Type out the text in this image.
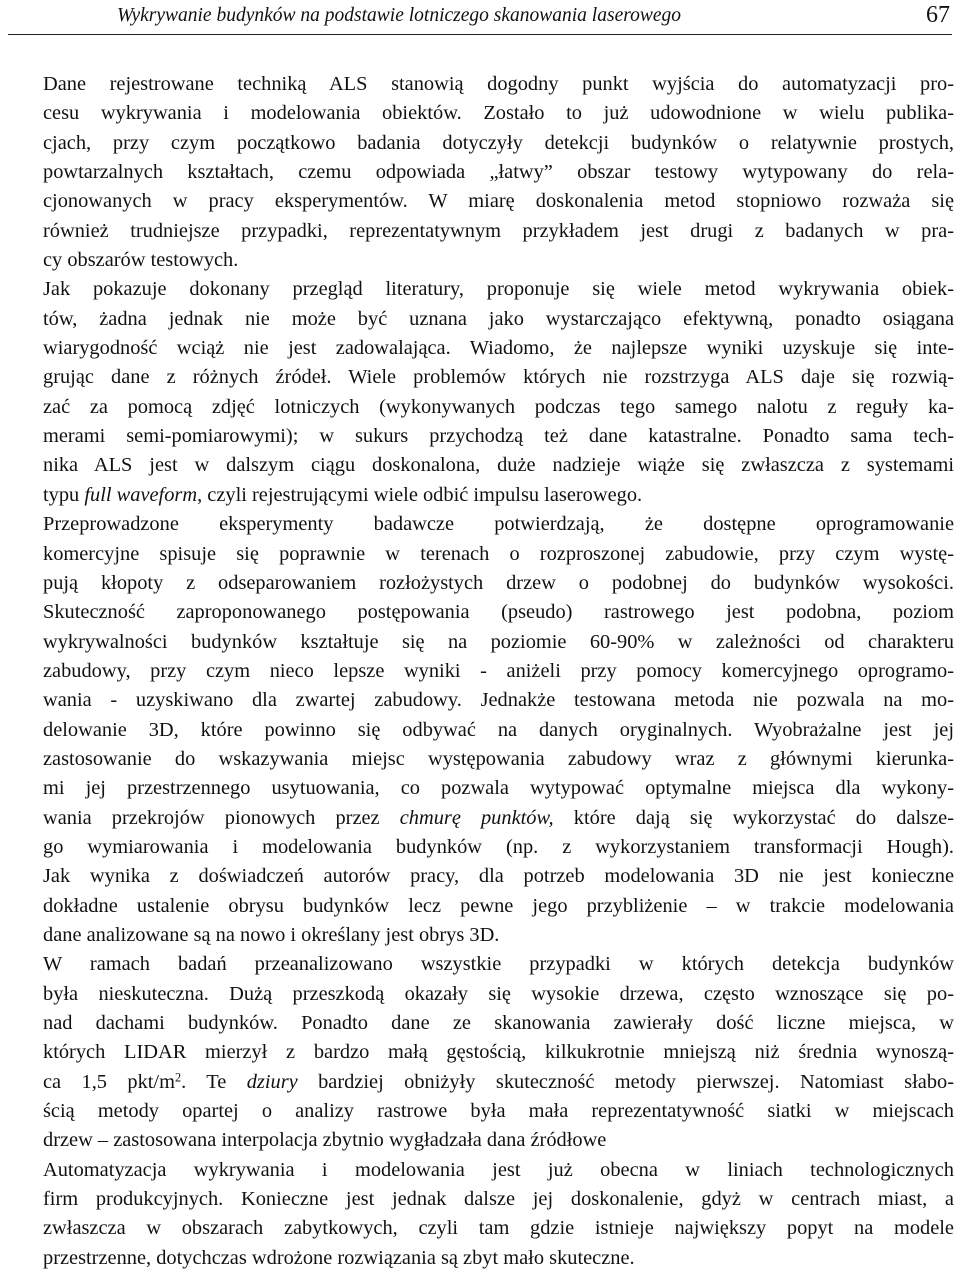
Wykrywanie budynków na podstawie lotniczego skanowania laserowego	67

Dane rejestrowane techniką ALS stanowią dogodny punkt wyjścia do automatyzacji pro-
cesu wykrywania i modelowania obiektów. Zostało to już udowodnione w wielu publika-
cjach, przy czym początkowo badania dotyczyły detekcji budynków o relatywnie prostych,
powtarzalnych kształtach, czemu odpowiada „łatwy” obszar testowy wytypowany do rela-
cjonowanych w pracy eksperymentów. W miarę doskonalenia metod stopniowo rozważa się
również trudniejsze przypadki, reprezentatywnym przykładem jest drugi z badanych w pra-
cy obszarów testowych.

Jak pokazuje dokonany przegląd literatury, proponuje się wiele metod wykrywania obiek-
tów, żadna jednak nie może być uznana jako wystarczająco efektywną, ponadto osiągana
wiarygodność wciąż nie jest zadowalająca. Wiadomo, że najlepsze wyniki uzyskuje się inte-
grując dane z różnych źródeł. Wiele problemów których nie rozstrzyga ALS daje się rozwią-
zać za pomocą zdjęć lotniczych (wykonywanych podczas tego samego nalotu z reguły ka-
merami semi-pomiarowymi); w sukurs przychodzą też dane katastralne. Ponadto sama tech-
nika ALS jest w dalszym ciągu doskonalona, duże nadzieje wiąże się zwłaszcza z systemami
typu full waveform, czyli rejestrującymi wiele odbić impulsu laserowego.

Przeprowadzone eksperymenty badawcze potwierdzają, że dostępne oprogramowanie
komercyjne spisuje się poprawnie w terenach o rozproszonej zabudowie, przy czym wystę-
pują kłopoty z odseparowaniem rozłożystych drzew o podobnej do budynków wysokości.
Skuteczność zaproponowanego postępowania (pseudo) rastrowego jest podobna, poziom
wykrywalności budynków kształtuje się na poziomie 60-90% w zależności od charakteru
zabudowy, przy czym nieco lepsze wyniki - aniżeli przy pomocy komercyjnego oprogramo-
wania - uzyskiwano dla zwartej zabudowy. Jednakże testowana metoda nie pozwala na mo-
delowanie 3D, które powinno się odbywać na danych oryginalnych. Wyobrażalne jest jej
zastosowanie do wskazywania miejsc występowania zabudowy wraz z głównymi kierunka-
mi jej przestrzennego usytuowania, co pozwala wytypować optymalne miejsca dla wykony-
wania przekrojów pionowych przez chmurę punktów, które dają się wykorzystać do dalsze-
go wymiarowania i modelowania budynków (np. z wykorzystaniem transformacji Hough).
Jak wynika z doświadczeń autorów pracy, dla potrzeb modelowania 3D nie jest konieczne
dokładne ustalenie obrysu budynków lecz pewne jego przybliżenie – w trakcie modelowania
dane analizowane są na nowo i określany jest obrys 3D.

W ramach badań przeanalizowano wszystkie przypadki w których detekcja budynków
była nieskuteczna. Dużą przeszkodą okazały się wysokie drzewa, często wznoszące się po-
nad dachami budynków. Ponadto dane ze skanowania zawierały dość liczne miejsca, w
których LIDAR mierzył z bardzo małą gęstością, kilkukrotnie mniejszą niż średnia wynoszą-
ca 1,5 pkt/$m^2$. Te dziury bardziej obniżyły skuteczność metody pierwszej. Natomiast słabo-
ścią metody opartej o analizy rastrowe była mała reprezentatywność siatki w miejscach
drzew – zastosowana interpolacja zbytnio wygładzała dana źródłowe

Automatyzacja wykrywania i modelowania jest już obecna w liniach technologicznych
firm produkcyjnych. Konieczne jest jednak dalsze jej doskonalenie, gdyż w centrach miast, a
zwłaszcza w obszarach zabytkowych, czyli tam gdzie istnieje największy popyt na modele
przestrzenne, dotychczas wdrożone rozwiązania są zbyt mało skuteczne.
